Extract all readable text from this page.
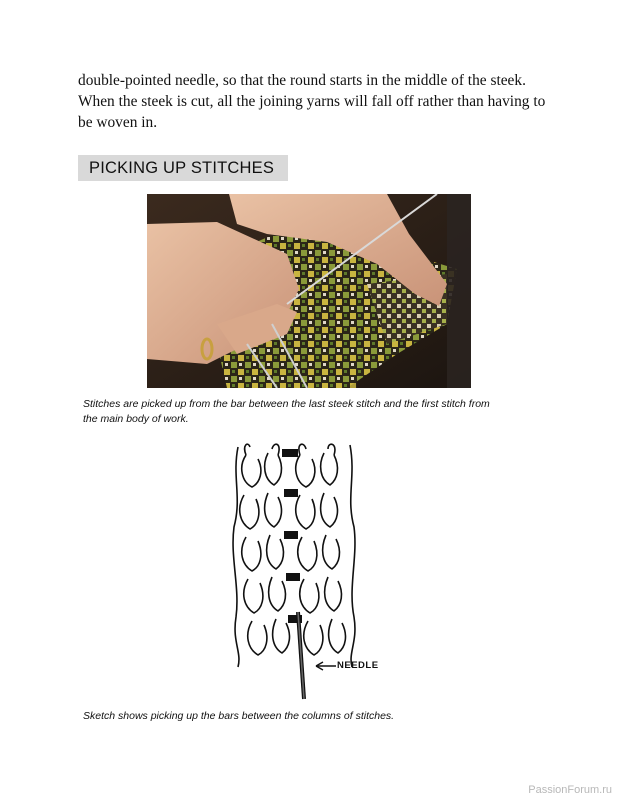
double-pointed needle, so that the round starts in the middle of the steek.
When the steek is cut, all the joining yarns will fall off rather than having to
be woven in.

PICKING UP STITCHES

Stitches are picked up from the bar between the last steek stitch and the first stitch from
the main body of work.

NEEDLE

Sketch shows picking up the bars between the columns of stitches.

PassionForum.ru
